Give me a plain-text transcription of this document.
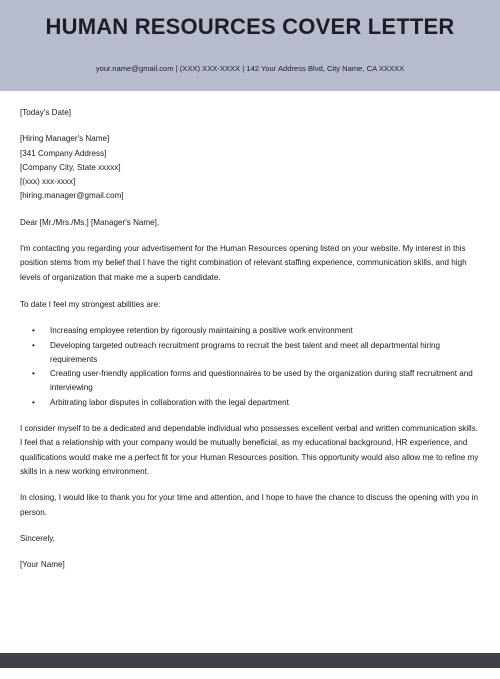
HUMAN RESOURCES COVER LETTER
your.name@gmail.com | (XXX) XXX-XXXX | 142 Your Address Blvd, City Name, CA XXXXX

[Today's Date]

[Hiring Manager's Name]

[341 Company Address]

[Company City, State xxxxx]

[(xxx) xxx-xxxx]

[hiring.manager@gmail.com]

Dear [Mr./Mrs./Ms.] [Manager's Name],

I'm contacting you regarding your advertisement for the Human Resources opening listed on your website. My interest in this position stems from my belief that I have the right combination of relevant staffing experience, communication skills, and high levels of organization that make me a superb candidate.

To date I feel my strongest abilities are:

• Increasing employee retention by rigorously maintaining a positive work environment
• Developing targeted outreach recruitment programs to recruit the best talent and meet all departmental hiring requirements
• Creating user-friendly application forms and questionnaires to be used by the organization during staff recruitment and interviewing
• Arbitrating labor disputes in collaboration with the legal department

I consider myself to be a dedicated and dependable individual who possesses excellent verbal and written communication skills. I feel that a relationship with your company would be mutually beneficial, as my educational background, HR experience, and qualifications would make me a perfect fit for your Human Resources position. This opportunity would also allow me to refine my skills in a new working environment.

In closing, I would like to thank you for your time and attention, and I hope to have the chance to discuss the opening with you in person.

Sincerely,

[Your Name]
